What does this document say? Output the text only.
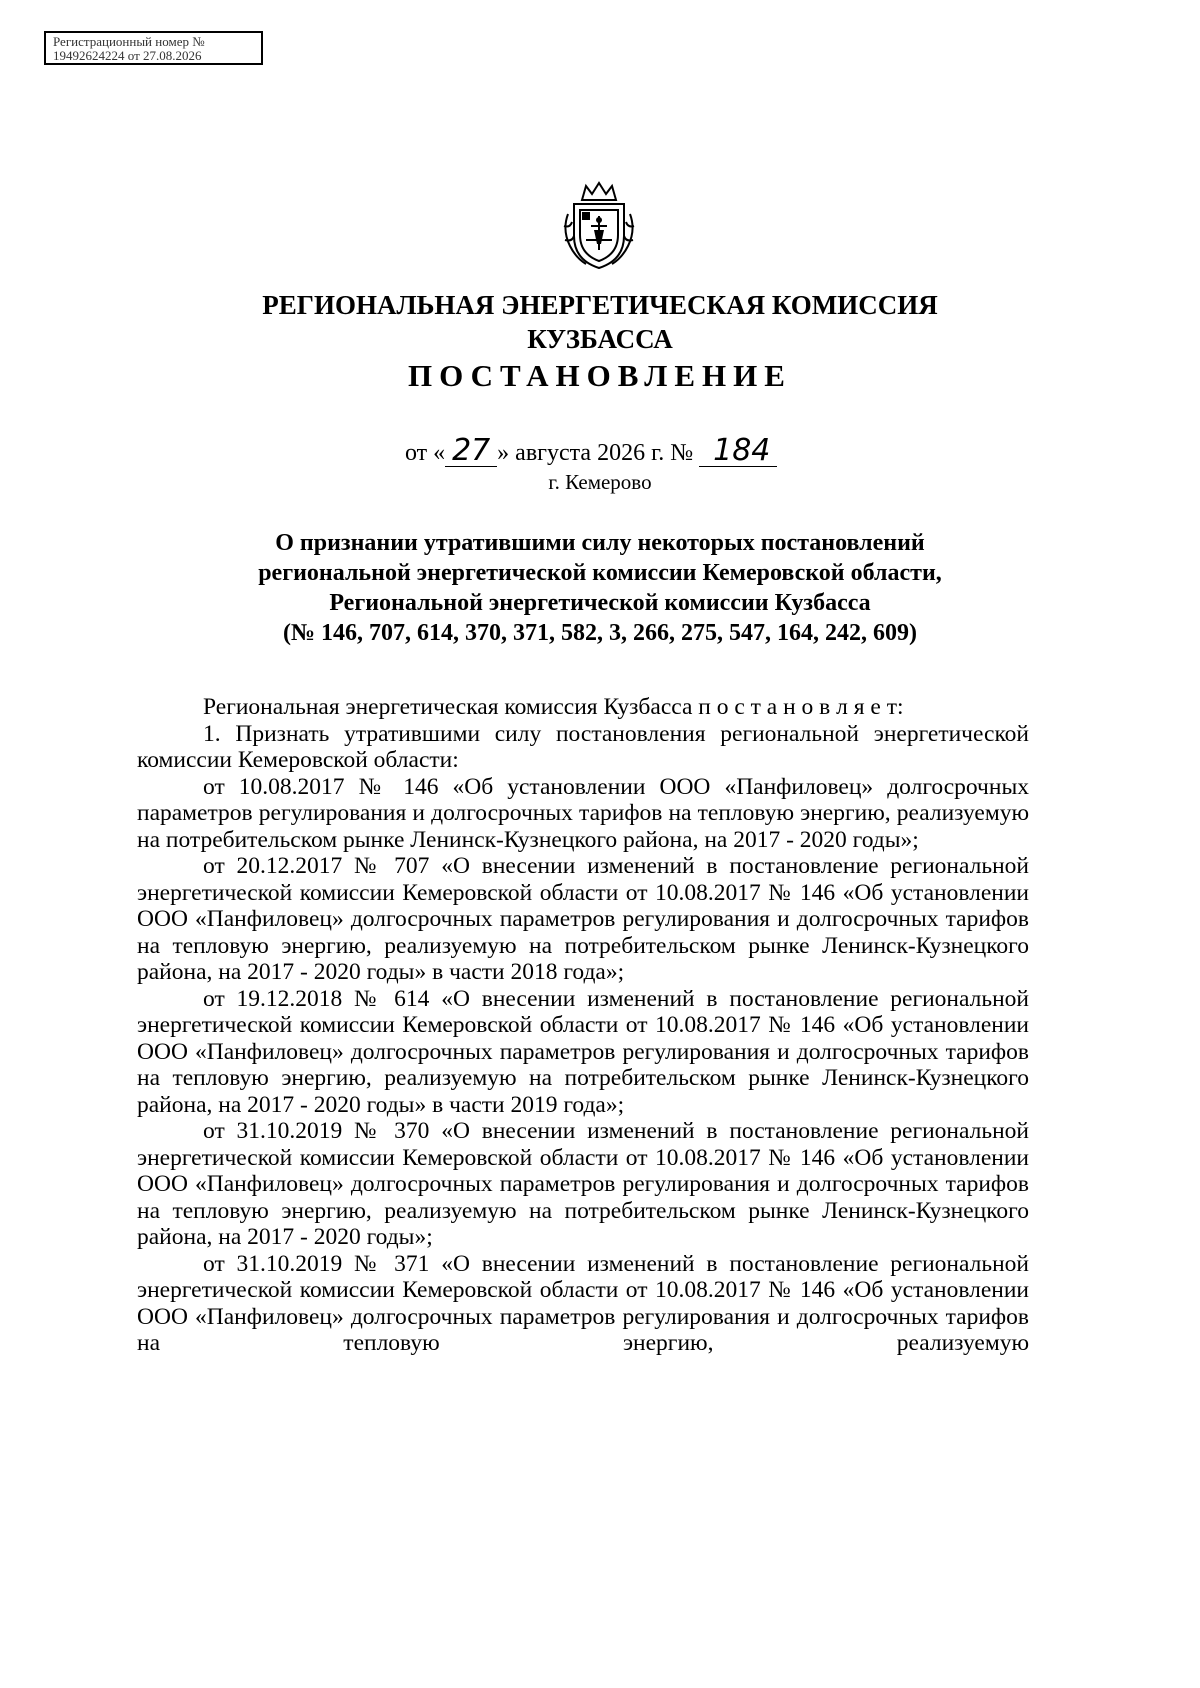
Регистрационный номер №
19492624224 от 27.08.2026
РЕГИОНАЛЬНАЯ ЭНЕРГЕТИЧЕСКАЯ КОМИССИЯ
КУЗБАССА
ПОСТАНОВЛЕНИЕ
от « 27 » августа 2026 г. № 184
г. Кемерово
О признании утратившими силу некоторых постановлений
региональной энергетической комиссии Кемеровской области,
Региональной энергетической комиссии Кузбасса
(№ 146, 707, 614, 370, 371, 582, 3, 266, 275, 547, 164, 242, 609)

Региональная энергетическая комиссия Кузбасса п о с т а н о в л я е т:

1. Признать утратившими силу постановления региональной энергетической комиссии Кемеровской области:

от 10.08.2017 № 146 «Об установлении ООО «Панфиловец» долгосрочных параметров регулирования и долгосрочных тарифов на тепловую энергию, реализуемую на потребительском рынке Ленинск-Кузнецкого района, на 2017 - 2020 годы»;

от 20.12.2017 № 707 «О внесении изменений в постановление региональной энергетической комиссии Кемеровской области от 10.08.2017 № 146 «Об установлении ООО «Панфиловец» долгосрочных параметров регулирования и долгосрочных тарифов на тепловую энергию, реализуемую на потребительском рынке Ленинск-Кузнецкого района, на 2017 - 2020 годы» в части 2018 года»;

от 19.12.2018 № 614 «О внесении изменений в постановление региональной энергетической комиссии Кемеровской области от 10.08.2017 № 146 «Об установлении ООО «Панфиловец» долгосрочных параметров регулирования и долгосрочных тарифов на тепловую энергию, реализуемую на потребительском рынке Ленинск-Кузнецкого района, на 2017 - 2020 годы» в части 2019 года»;

от 31.10.2019 № 370 «О внесении изменений в постановление региональной энергетической комиссии Кемеровской области от 10.08.2017 № 146 «Об установлении ООО «Панфиловец» долгосрочных параметров регулирования и долгосрочных тарифов на тепловую энергию, реализуемую на потребительском рынке Ленинск-Кузнецкого района, на 2017 - 2020 годы»;

от 31.10.2019 № 371 «О внесении изменений в постановление региональной энергетической комиссии Кемеровской области от 10.08.2017 № 146 «Об установлении ООО «Панфиловец» долгосрочных параметров регулирования и долгосрочных тарифов на тепловую энергию, реализуемую
